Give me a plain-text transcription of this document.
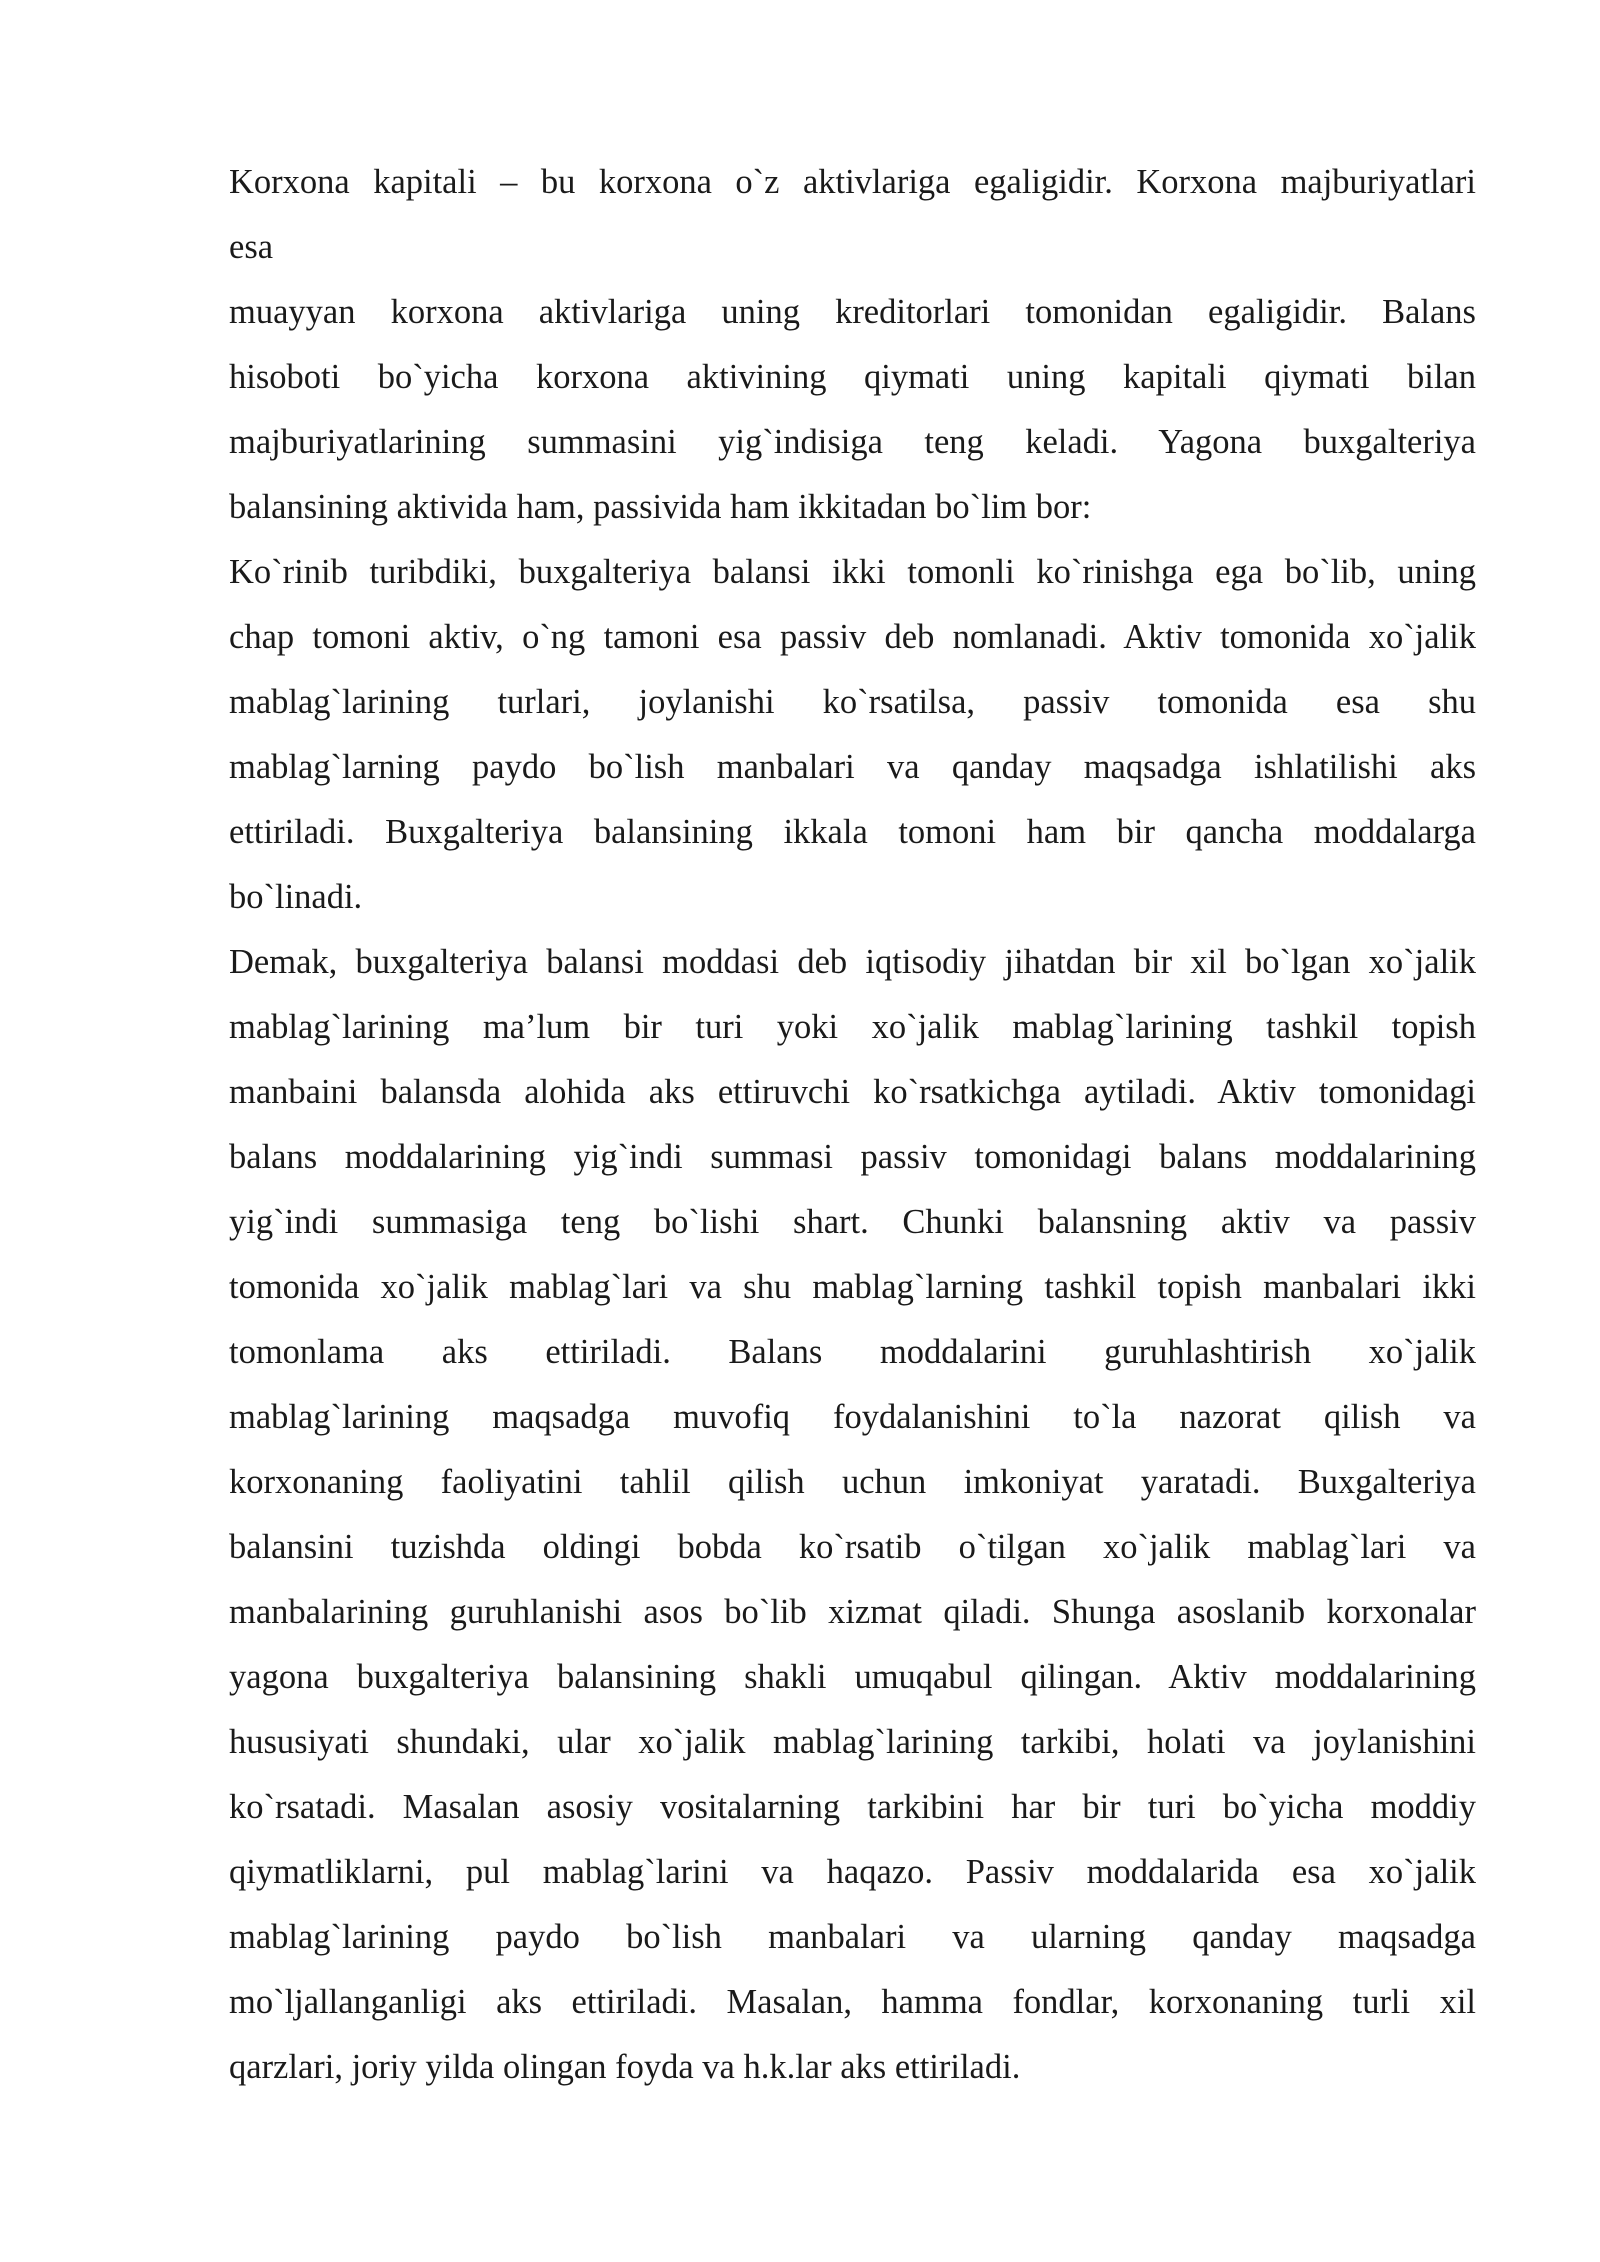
Korxona kapitali – bu korxona o`z aktivlariga egaligidir. Korxona majburiyatlari
esa
muayyan korxona aktivlariga uning kreditorlari tomonidan egaligidir. Balans
hisoboti bo`yicha korxona aktivining qiymati uning kapitali qiymati bilan
majburiyatlarining summasini yig`indisiga teng keladi. Yagona buxgalteriya
balansining aktivida ham, passivida ham ikkitadan bo`lim bor:
Ko`rinib turibdiki, buxgalteriya balansi ikki tomonli ko`rinishga ega bo`lib, uning
chap tomoni aktiv, o`ng tamoni esa passiv deb nomlanadi. Aktiv tomonida xo`jalik
mablag`larining turlari, joylanishi ko`rsatilsa, passiv tomonida esa shu
mablag`larning paydo bo`lish manbalari va qanday maqsadga ishlatilishi aks
ettiriladi. Buxgalteriya balansining ikkala tomoni ham bir qancha moddalarga
bo`linadi.
Demak, buxgalteriya balansi moddasi deb iqtisodiy jihatdan bir xil bo`lgan xo`jalik
mablag`larining ma’lum bir turi yoki xo`jalik mablag`larining tashkil topish
manbaini balansda alohida aks ettiruvchi ko`rsatkichga aytiladi. Aktiv tomonidagi
balans moddalarining yig`indi summasi passiv tomonidagi balans moddalarining
yig`indi summasiga teng bo`lishi shart. Chunki balansning aktiv va passiv
tomonida xo`jalik mablag`lari va shu mablag`larning tashkil topish manbalari ikki
tomonlama aks ettiriladi. Balans moddalarini guruhlashtirish xo`jalik
mablag`larining maqsadga muvofiq foydalanishini to`la nazorat qilish va
korxonaning faoliyatini tahlil qilish uchun imkoniyat yaratadi. Buxgalteriya
balansini tuzishda oldingi bobda ko`rsatib o`tilgan xo`jalik mablag`lari va
manbalarining guruhlanishi asos bo`lib xizmat qiladi. Shunga asoslanib korxonalar
yagona buxgalteriya balansining shakli umuqabul qilingan. Aktiv moddalarining
hususiyati shundaki, ular xo`jalik mablag`larining tarkibi, holati va joylanishini
ko`rsatadi. Masalan asosiy vositalarning tarkibini har bir turi bo`yicha moddiy
qiymatliklarni, pul mablag`larini va haqazo. Passiv moddalarida esa xo`jalik
mablag`larining paydo bo`lish manbalari va ularning qanday maqsadga
mo`ljallanganligi aks ettiriladi. Masalan, hamma fondlar, korxonaning turli xil
qarzlari, joriy yilda olingan foyda va h.k.lar aks ettiriladi.
